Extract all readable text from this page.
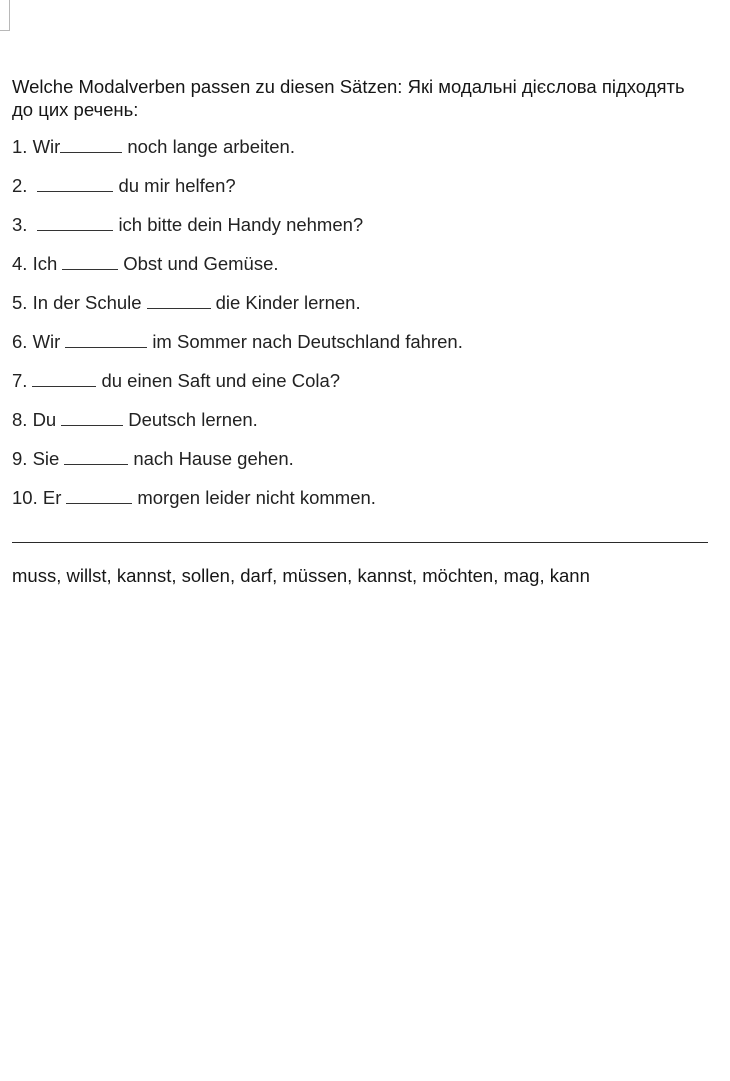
Welche Modalverben passen zu diesen Sätzen: Які модальні дієслова підходять
до цих речень:
1. Wir	noch lange arbeiten.
2.	du mir helfen?
3.	ich bitte dein Handy nehmen?
4. Ich	Obst und Gemüse.
5. In der Schule	die Kinder lernen.
6. Wir	im Sommer nach Deutschland fahren.
7.	du einen Saft und eine Cola?
8. Du	Deutsch lernen.
9. Sie	nach Hause gehen.
10. Er	morgen leider nicht kommen.
muss, willst, kannst, sollen, darf, müssen, kannst, möchten, mag, kann
